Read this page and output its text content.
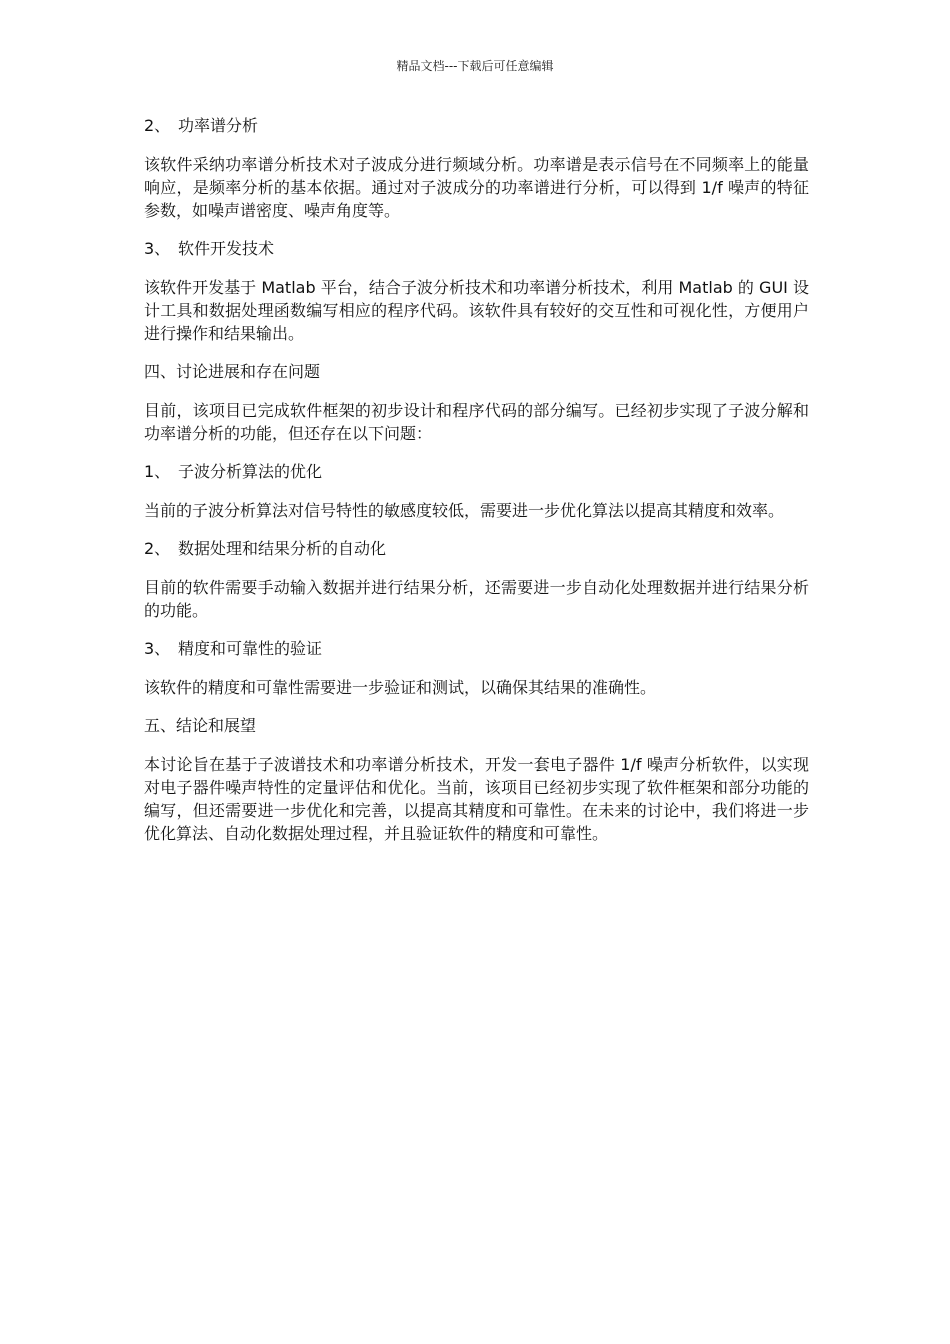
精品文档---下载后可任意编辑
2、 功率谱分析
该软件采纳功率谱分析技术对子波成分进行频域分析。功率谱是表示信号在不同频率上的能量响应，是频率分析的基本依据。通过对子波成分的功率谱进行分析，可以得到 1/f 噪声的特征参数，如噪声谱密度、噪声角度等。
3、 软件开发技术
该软件开发基于 Matlab 平台，结合子波分析技术和功率谱分析技术，利用 Matlab 的 GUI 设计工具和数据处理函数编写相应的程序代码。该软件具有较好的交互性和可视化性，方便用户进行操作和结果输出。
四、讨论进展和存在问题
目前，该项目已完成软件框架的初步设计和程序代码的部分编写。已经初步实现了子波分解和功率谱分析的功能，但还存在以下问题：
1、 子波分析算法的优化
当前的子波分析算法对信号特性的敏感度较低，需要进一步优化算法以提高其精度和效率。
2、 数据处理和结果分析的自动化
目前的软件需要手动输入数据并进行结果分析，还需要进一步自动化处理数据并进行结果分析的功能。
3、 精度和可靠性的验证
该软件的精度和可靠性需要进一步验证和测试，以确保其结果的准确性。
五、结论和展望
本讨论旨在基于子波谱技术和功率谱分析技术，开发一套电子器件 1/f 噪声分析软件，以实现对电子器件噪声特性的定量评估和优化。当前，该项目已经初步实现了软件框架和部分功能的编写，但还需要进一步优化和完善，以提高其精度和可靠性。在未来的讨论中，我们将进一步优化算法、自动化数据处理过程，并且验证软件的精度和可靠性。
